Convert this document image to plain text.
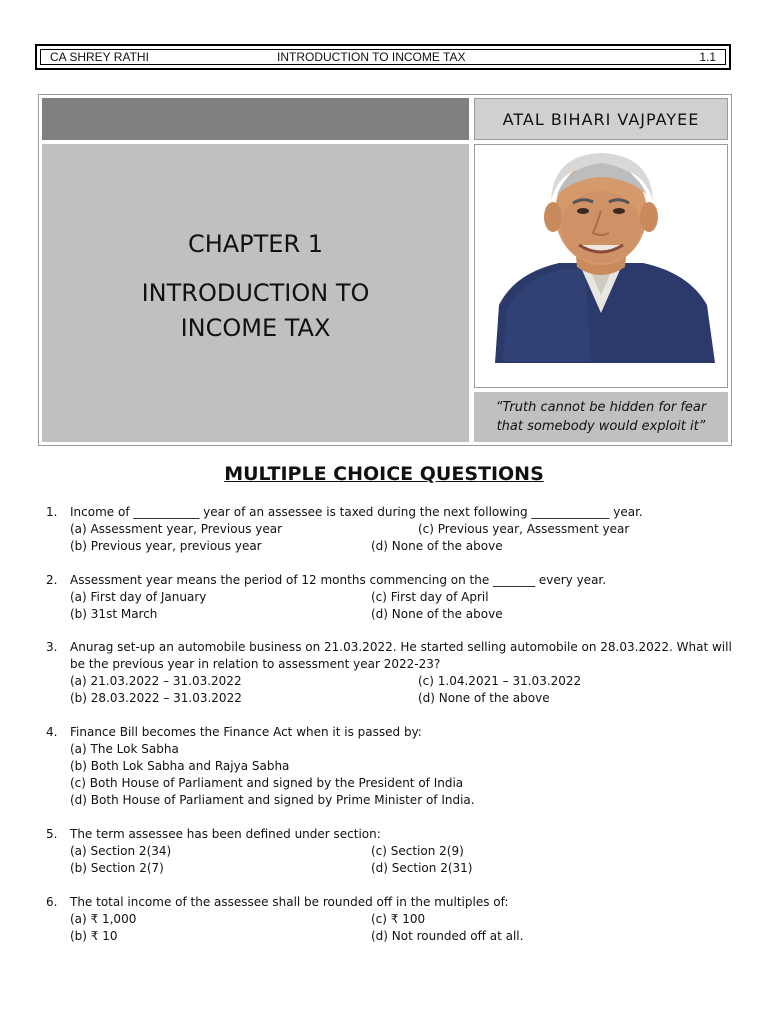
CA SHREY RATHI	INTRODUCTION TO INCOME TAX	1.1
ATAL BIHARI VAJPAYEE
CHAPTER 1
INTRODUCTION TO
INCOME TAX
“Truth cannot be hidden for fear
that somebody would exploit it”
MULTIPLE CHOICE QUESTIONS
1. Income of ___________ year of an assessee is taxed during the next following _____________ year.
(a) Assessment year, Previous year
(b) Previous year, previous year
(c) Previous year, Assessment year
(d) None of the above
2. Assessment year means the period of 12 months commencing on the _______ every year.
(a) First day of January
(b) 31st March
(c) First day of April
(d) None of the above
3. Anurag set-up an automobile business on 21.03.2022. He started selling automobile on 28.03.2022. What will be the previous year in relation to assessment year 2022-23?
(a) 21.03.2022 – 31.03.2022
(b) 28.03.2022 – 31.03.2022
(c) 1.04.2021 – 31.03.2022
(d) None of the above
4. Finance Bill becomes the Finance Act when it is passed by:
(a) The Lok Sabha
(b) Both Lok Sabha and Rajya Sabha
(c) Both House of Parliament and signed by the President of India
(d) Both House of Parliament and signed by Prime Minister of India.
5. The term assessee has been defined under section:
(a) Section 2(34)
(b) Section 2(7)
(c) Section 2(9)
(d) Section 2(31)
6. The total income of the assessee shall be rounded off in the multiples of:
(a) ₹ 1,000
(b) ₹ 10
(c) ₹ 100
(d) Not rounded off at all.
